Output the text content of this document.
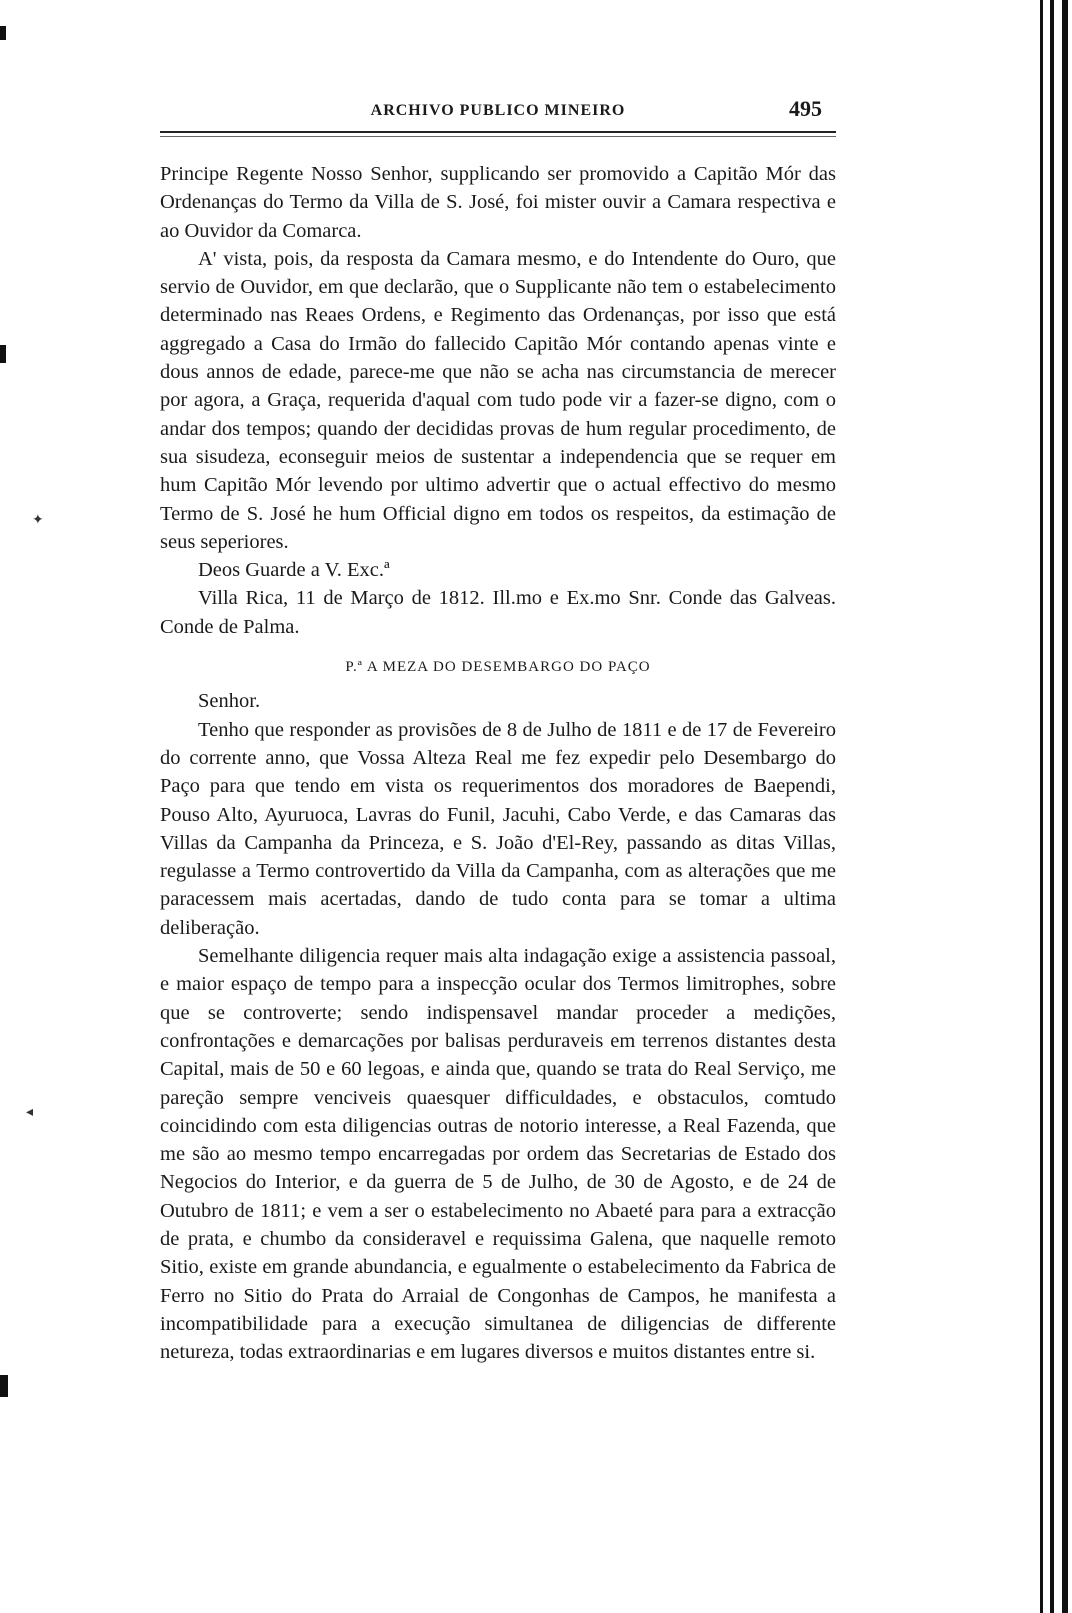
✦
◂
ARCHIVO PUBLICO MINEIRO	495

Principe Regente Nosso Senhor, supplicando ser promovido a Capitão Mór das Ordenanças do Termo da Villa de S. José, foi mister ouvir a Camara respectiva e ao Ouvidor da Comarca.

A' vista, pois, da resposta da Camara mesmo, e do Intendente do Ouro, que servio de Ouvidor, em que declarão, que o Supplicante não tem o estabelecimento determinado nas Reaes Ordens, e Regimento das Ordenanças, por isso que está aggregado a Casa do Irmão do fallecido Capitão Mór contando apenas vinte e dous annos de edade, parece-me que não se acha nas circumstancia de merecer por agora, a Graça, requerida d'aqual com tudo pode vir a fazer-se digno, com o andar dos tempos; quando der decididas provas de hum regular procedimento, de sua sisudeza, econseguir meios de sustentar a independencia que se requer em hum Capitão Mór levendo por ultimo advertir que o actual effectivo do mesmo Termo de S. José he hum Official digno em todos os respeitos, da estimação de seus seperiores.

Deos Guarde a V. Exc.ª

Villa Rica, 11 de Março de 1812. Ill.mo e Ex.mo Snr. Conde das Galveas. Conde de Palma.

P.ª A MEZA DO DESEMBARGO DO PAÇO

Senhor.

Tenho que responder as provisões de 8 de Julho de 1811 e de 17 de Fevereiro do corrente anno, que Vossa Alteza Real me fez expedir pelo Desembargo do Paço para que tendo em vista os requerimentos dos moradores de Baependi, Pouso Alto, Ayuruoca, Lavras do Funil, Jacuhi, Cabo Verde, e das Camaras das Villas da Campanha da Princeza, e S. João d'El-Rey, passando as ditas Villas, regulasse a Termo controvertido da Villa da Campanha, com as alterações que me paracessem mais acertadas, dando de tudo conta para se tomar a ultima deliberação.

Semelhante diligencia requer mais alta indagação exige a assistencia passoal, e maior espaço de tempo para a inspecção ocular dos Termos limitrophes, sobre que se controverte; sendo indispensavel mandar proceder a medições, confrontações e demarcações por balisas perduraveis em terrenos distantes desta Capital, mais de 50 e 60 legoas, e ainda que, quando se trata do Real Serviço, me pareção sempre venciveis quaesquer difficuldades, e obstaculos, comtudo coincidindo com esta diligencias outras de notorio interesse, a Real Fazenda, que me são ao mesmo tempo encarregadas por ordem das Secretarias de Estado dos Negocios do Interior, e da guerra de 5 de Julho, de 30 de Agosto, e de 24 de Outubro de 1811; e vem a ser o estabelecimento no Abaeté para para a extracção de prata, e chumbo da consideravel e requissima Galena, que naquelle remoto Sitio, existe em grande abundancia, e egualmente o estabelecimento da Fabrica de Ferro no Sitio do Prata do Arraial de Congonhas de Campos, he manifesta a incompatibilidade para a execução simultanea de diligencias de differente netureza, todas extraordinarias e em lugares diversos e muitos distantes entre si.
